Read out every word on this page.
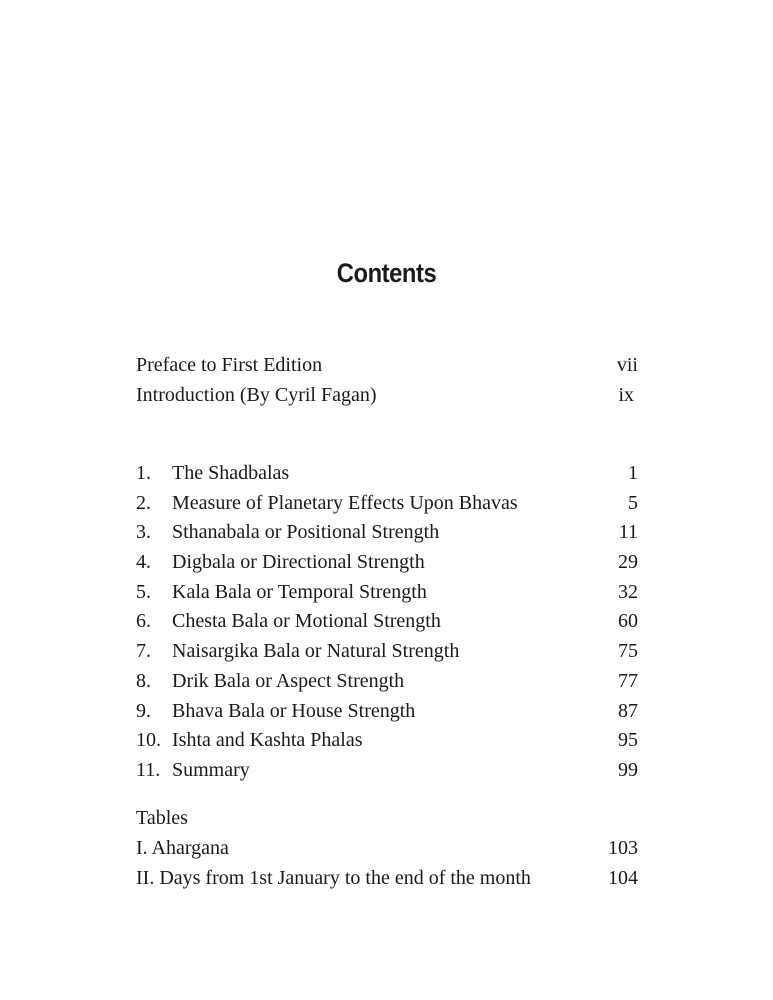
Contents
Preface to First Edition	vii
Introduction (By Cyril Fagan)	ix
1. The Shadbalas	1
2. Measure of Planetary Effects Upon Bhavas	5
3. Sthanabala or Positional Strength	11
4. Digbala or Directional Strength	29
5. Kala Bala or Temporal Strength	32
6. Chesta Bala or Motional Strength	60
7. Naisargika Bala or Natural Strength	75
8. Drik Bala or Aspect Strength	77
9. Bhava Bala or House Strength	87
10. Ishta and Kashta Phalas	95
11. Summary	99
Tables
I. Ahargana	103
II. Days from 1st January to the end of the month	104
